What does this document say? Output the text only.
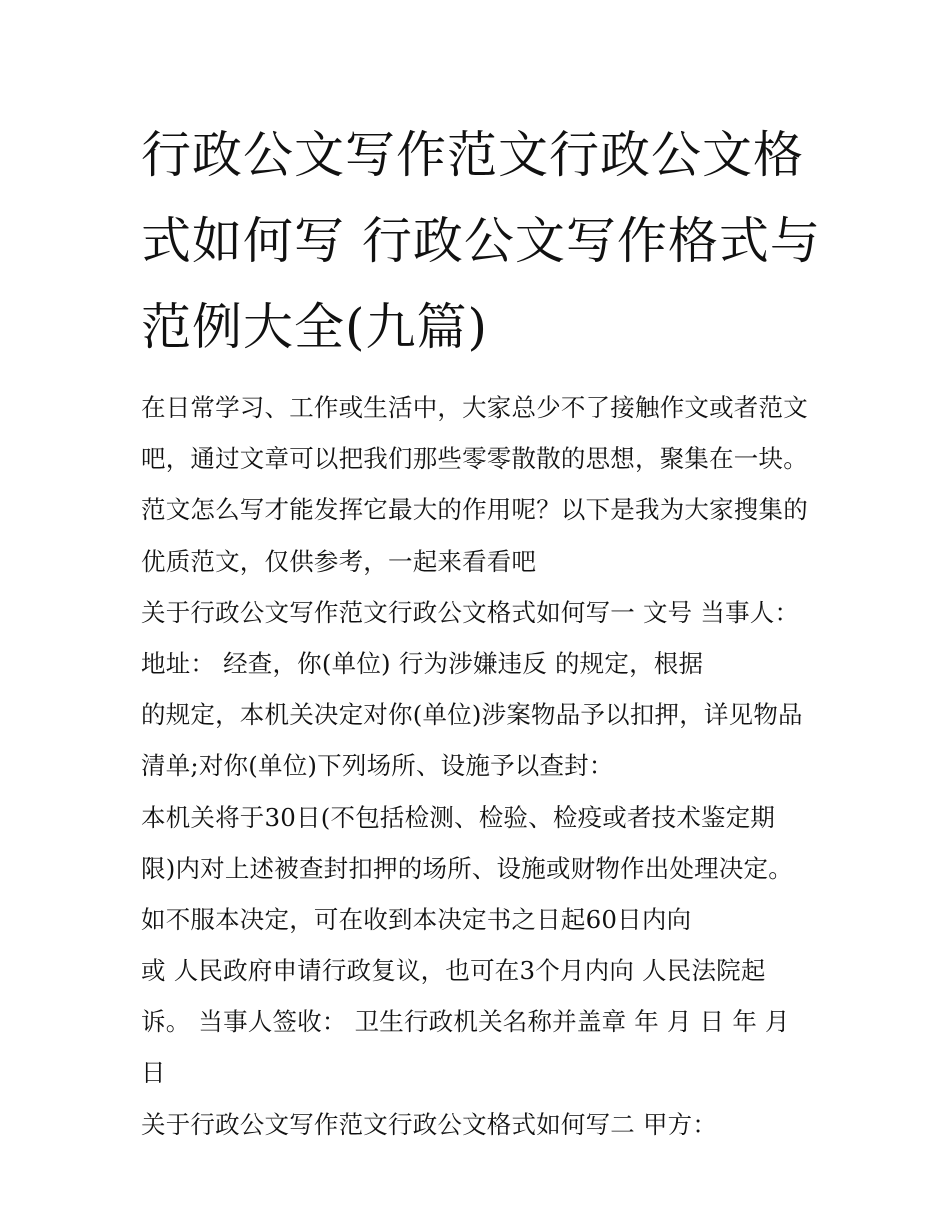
行政公文写作范文行政公文格
式如何写 行政公文写作格式与
范例大全(九篇)
在日常学习、工作或生活中，大家总少不了接触作文或者范文
吧，通过文章可以把我们那些零零散散的思想，聚集在一块。
范文怎么写才能发挥它最大的作用呢？以下是我为大家搜集的
优质范文，仅供参考，一起来看看吧
关于行政公文写作范文行政公文格式如何写一 文号 当事人：
地址： 经查，你(单位) 行为涉嫌违反 的规定，根据
的规定，本机关决定对你(单位)涉案物品予以扣押，详见物品
清单;对你(单位)下列场所、设施予以查封：
本机关将于30日(不包括检测、检验、检疫或者技术鉴定期
限)内对上述被查封扣押的场所、设施或财物作出处理决定。
如不服本决定，可在收到本决定书之日起60日内向
或 人民政府申请行政复议，也可在3个月内向 人民法院起
诉。 当事人签收： 卫生行政机关名称并盖章 年 月 日 年 月
日
关于行政公文写作范文行政公文格式如何写二 甲方：
